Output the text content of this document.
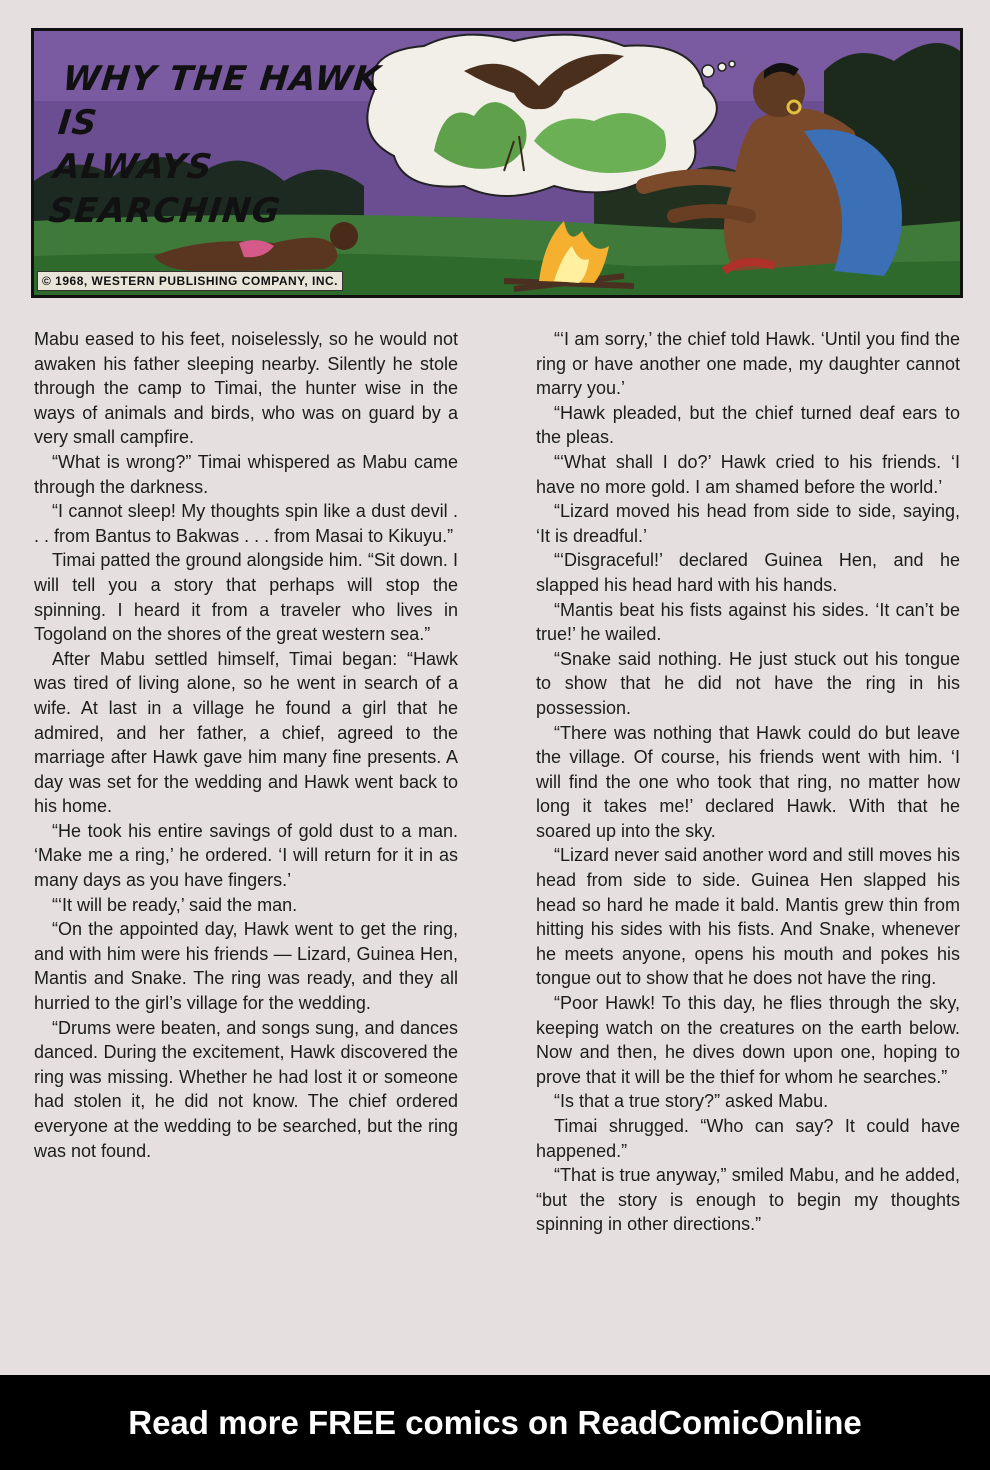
WHY THE HAWK IS
ALWAYS SEARCHING
© 1968, WESTERN PUBLISHING COMPANY, INC.

Mabu eased to his feet, noiselessly, so he would not awaken his father sleeping nearby. Silently he stole through the camp to Timai, the hunter wise in the ways of animals and birds, who was on guard by a very small campfire.

“What is wrong?” Timai whispered as Mabu came through the darkness.

“I cannot sleep! My thoughts spin like a dust devil . . . from Bantus to Bakwas . . . from Masai to Kikuyu.”

Timai patted the ground alongside him. “Sit down. I will tell you a story that perhaps will stop the spinning. I heard it from a traveler who lives in Togoland on the shores of the great western sea.”

After Mabu settled himself, Timai began: “Hawk was tired of living alone, so he went in search of a wife. At last in a village he found a girl that he admired, and her father, a chief, agreed to the marriage after Hawk gave him many fine presents. A day was set for the wedding and Hawk went back to his home.

“He took his entire savings of gold dust to a man. ‘Make me a ring,’ he ordered. ‘I will return for it in as many days as you have fingers.’

“‘It will be ready,’ said the man.

“On the appointed day, Hawk went to get the ring, and with him were his friends — Lizard, Guinea Hen, Mantis and Snake. The ring was ready, and they all hurried to the girl’s village for the wedding.

“Drums were beaten, and songs sung, and dances danced. During the excitement, Hawk discovered the ring was missing. Whether he had lost it or someone had stolen it, he did not know. The chief ordered everyone at the wedding to be searched, but the ring was not found.

“‘I am sorry,’ the chief told Hawk. ‘Until you find the ring or have another one made, my daughter cannot marry you.’

“Hawk pleaded, but the chief turned deaf ears to the pleas.

“‘What shall I do?’ Hawk cried to his friends. ‘I have no more gold. I am shamed before the world.’

“Lizard moved his head from side to side, saying, ‘It is dreadful.’

“‘Disgraceful!’ declared Guinea Hen, and he slapped his head hard with his hands.

“Mantis beat his fists against his sides. ‘It can’t be true!’ he wailed.

“Snake said nothing. He just stuck out his tongue to show that he did not have the ring in his possession.

“There was nothing that Hawk could do but leave the village. Of course, his friends went with him. ‘I will find the one who took that ring, no matter how long it takes me!’ declared Hawk. With that he soared up into the sky.

“Lizard never said another word and still moves his head from side to side. Guinea Hen slapped his head so hard he made it bald. Mantis grew thin from hitting his sides with his fists. And Snake, whenever he meets anyone, opens his mouth and pokes his tongue out to show that he does not have the ring.

“Poor Hawk! To this day, he flies through the sky, keeping watch on the creatures on the earth below. Now and then, he dives down upon one, hoping to prove that it will be the thief for whom he searches.”

“Is that a true story?” asked Mabu.

Timai shrugged. “Who can say? It could have happened.”

“That is true anyway,” smiled Mabu, and he added, “but the story is enough to begin my thoughts spinning in other directions.”

Read more FREE comics on ReadComicOnline
